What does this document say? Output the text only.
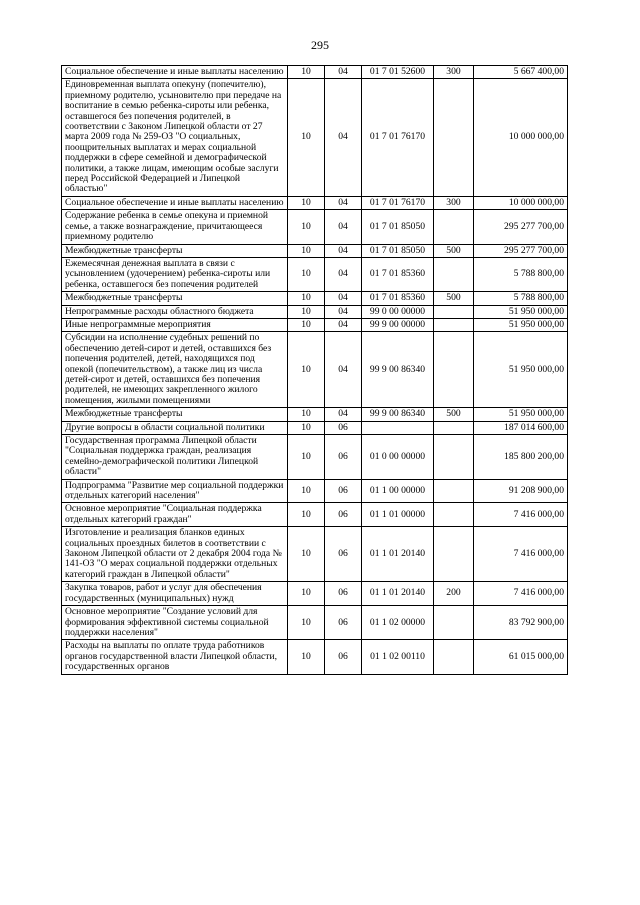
295
Социальное обеспечение и иные выплаты населению	10	04	01 7 01 52600	300	5 667 400,00
Единовременная выплата опекуну (попечителю), приемному родителю, усыновителю при передаче на воспитание в семью ребенка-сироты или ребенка, оставшегося без попечения родителей, в соответствии с Законом Липецкой области от 27 марта 2009 года № 259-ОЗ "О социальных, поощрительных выплатах и мерах социальной поддержки в сфере семейной и демографической политики, а также лицам, имеющим особые заслуги перед Российской Федерацией и Липецкой областью"	10	04	01 7 01 76170		10 000 000,00
Социальное обеспечение и иные выплаты населению	10	04	01 7 01 76170	300	10 000 000,00
Содержание ребенка в семье опекуна и приемной семье, а также вознаграждение, причитающееся приемному родителю	10	04	01 7 01 85050		295 277 700,00
Межбюджетные трансферты	10	04	01 7 01 85050	500	295 277 700,00
Ежемесячная денежная выплата в связи с усыновлением (удочерением) ребенка-сироты или ребенка, оставшегося без попечения родителей	10	04	01 7 01 85360		5 788 800,00
Межбюджетные трансферты	10	04	01 7 01 85360	500	5 788 800,00
Непрограммные расходы областного бюджета	10	04	99 0 00 00000		51 950 000,00
Иные непрограммные мероприятия	10	04	99 9 00 00000		51 950 000,00
Субсидии на исполнение судебных решений по обеспечению детей-сирот и детей, оставшихся без попечения родителей, детей, находящихся под опекой (попечительством), а также лиц из числа детей-сирот и детей, оставшихся без попечения родителей, не имеющих закрепленного жилого помещения, жилыми помещениями	10	04	99 9 00 86340		51 950 000,00
Межбюджетные трансферты	10	04	99 9 00 86340	500	51 950 000,00
Другие вопросы в области социальной политики	10	06			187 014 600,00
Государственная программа Липецкой области "Социальная поддержка граждан, реализация семейно-демографической политики Липецкой области"	10	06	01 0 00 00000		185 800 200,00
Подпрограмма "Развитие мер социальной поддержки отдельных категорий населения"	10	06	01 1 00 00000		91 208 900,00
Основное мероприятие "Социальная поддержка отдельных категорий граждан"	10	06	01 1 01 00000		7 416 000,00
Изготовление и реализация бланков единых социальных проездных билетов в соответствии с Законом Липецкой области от 2 декабря 2004 года № 141-ОЗ "О мерах социальной поддержки отдельных категорий граждан в Липецкой области"	10	06	01 1 01 20140		7 416 000,00
Закупка товаров, работ и услуг для обеспечения государственных (муниципальных) нужд	10	06	01 1 01 20140	200	7 416 000,00
Основное мероприятие "Создание условий для формирования эффективной системы социальной поддержки населения"	10	06	01 1 02 00000		83 792 900,00
Расходы на выплаты по оплате труда работников органов государственной власти Липецкой области, государственных органов	10	06	01 1 02 00110		61 015 000,00
